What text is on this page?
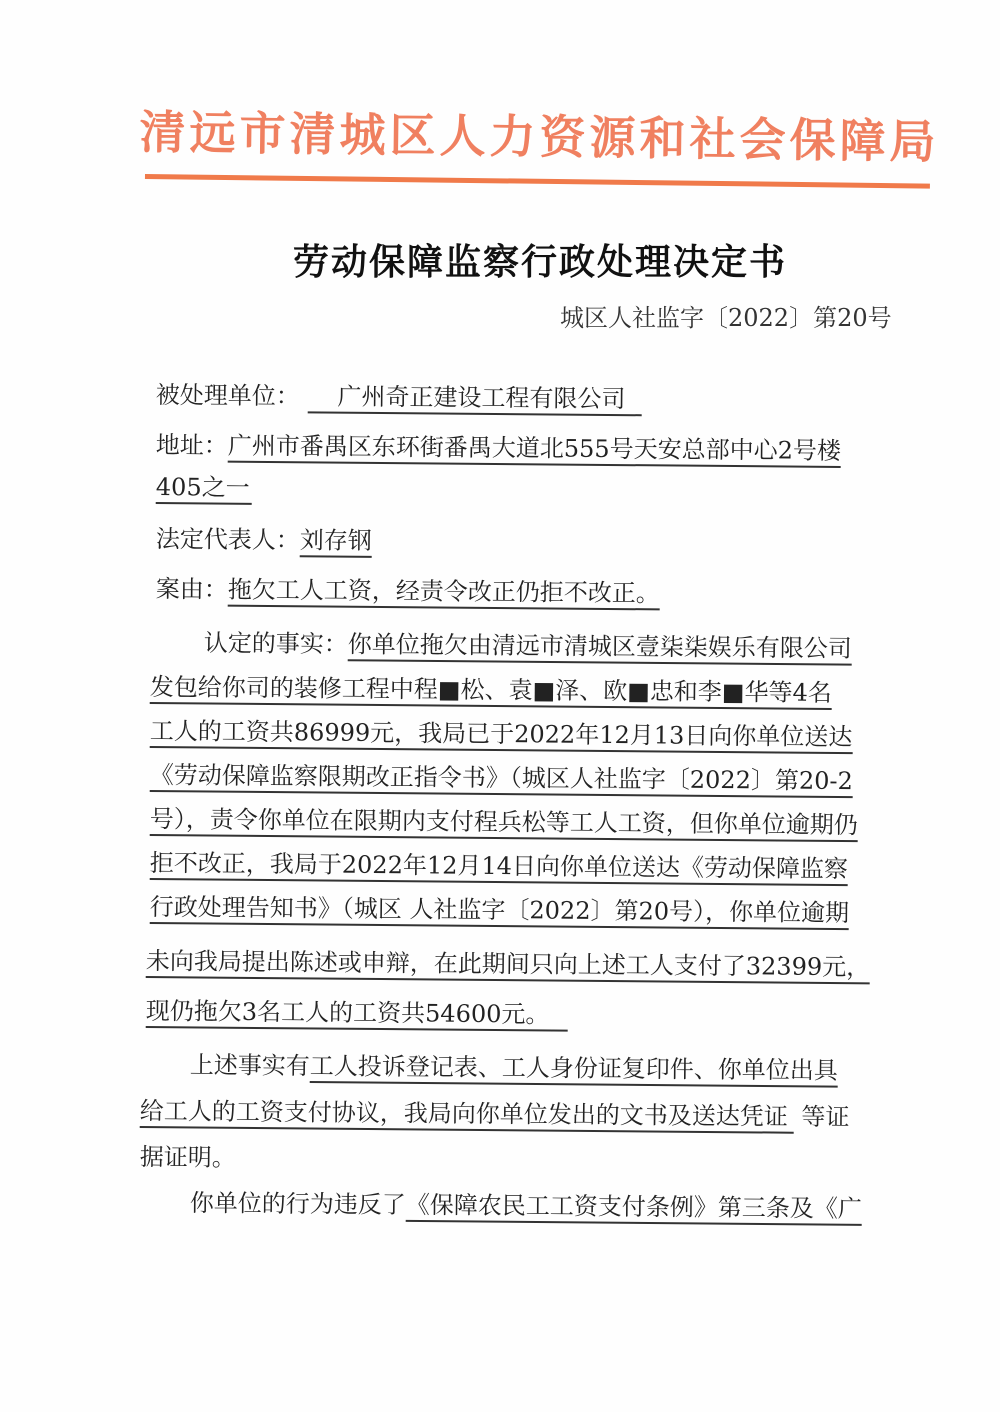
清远市清城区人力资源和社会保障局
劳动保障监察行政处理决定书
城区人社监字〔2022〕第20号
被处理单位： 广州奇正建设工程有限公司
地址：广州市番禺区东环街番禺大道北555号天安总部中心2号楼
405之一
法定代表人：刘存钢
案由：拖欠工人工资，经责令改正仍拒不改正。
认定的事实：你单位拖欠由清远市清城区壹柒柒娱乐有限公司
发包给你司的装修工程中程■松、袁■泽、欧■忠和李■华等4名
工人的工资共86999元，我局已于2022年12月13日向你单位送达
《劳动保障监察限期改正指令书》（城区人社监字〔2022〕第20-2
号），责令你单位在限期内支付程兵松等工人工资，但你单位逾期仍
拒不改正，我局于2022年12月14日向你单位送达《劳动保障监察
行政处理告知书》（城区 人社监字〔2022〕第20号），你单位逾期
未向我局提出陈述或申辩，在此期间只向上述工人支付了32399元，
现仍拖欠3名工人的工资共54600元。
上述事实有工人投诉登记表、工人身份证复印件、你单位出具
给工人的工资支付协议，我局向你单位发出的文书及送达凭证 等证
据证明。
你单位的行为违反了《保障农民工工资支付条例》第三条及《广
